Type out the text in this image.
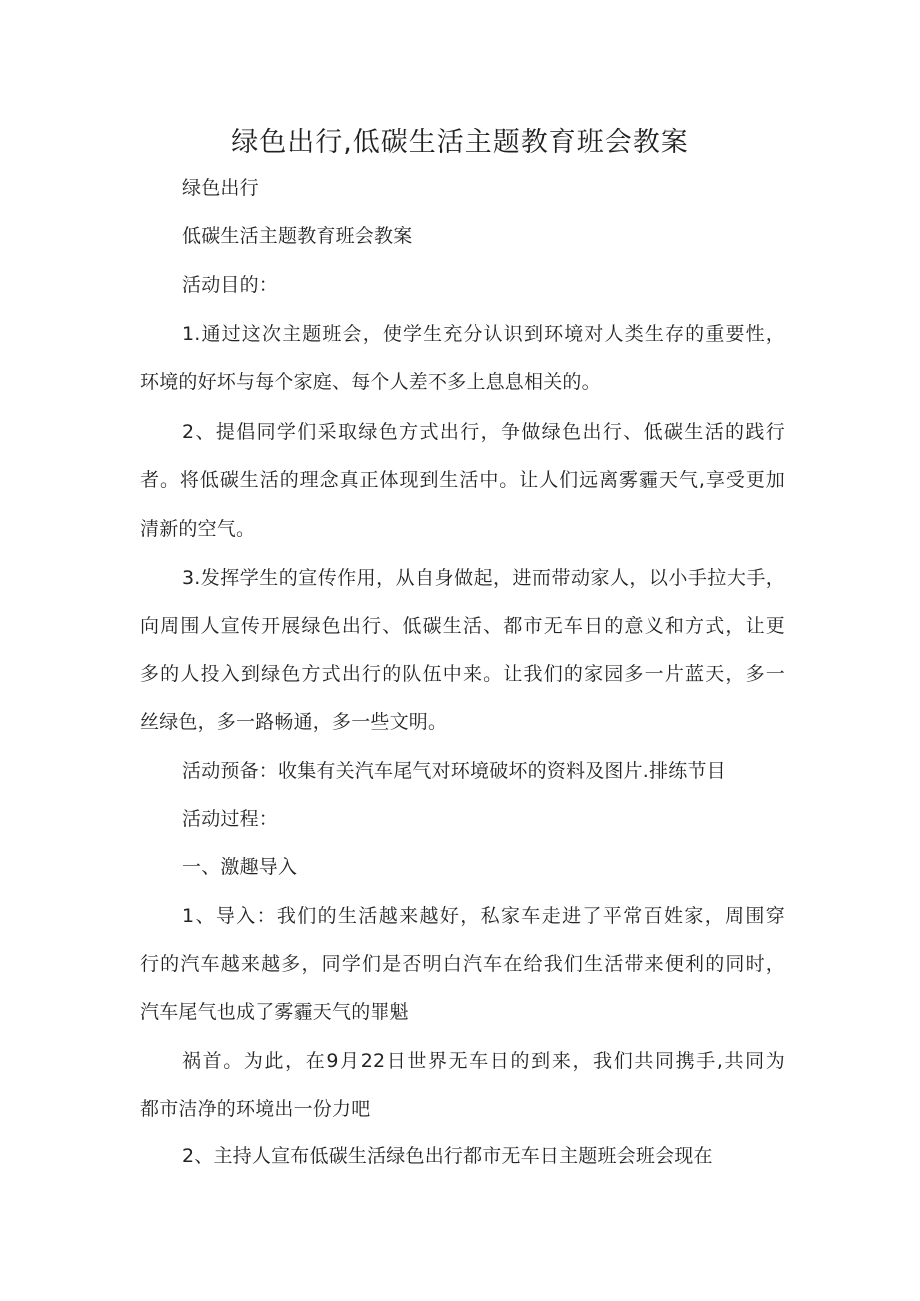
绿色出行,低碳生活主题教育班会教案
绿色出行
低碳生活主题教育班会教案
活动目的：
1.通过这次主题班会，使学生充分认识到环境对人类生存的重要性，
环境的好坏与每个家庭、每个人差不多上息息相关的。
2、提倡同学们采取绿色方式出行，争做绿色出行、低碳生活的践行
者。将低碳生活的理念真正体现到生活中。让人们远离雾霾天气,享受更加
清新的空气。
3.发挥学生的宣传作用，从自身做起，进而带动家人，以小手拉大手，
向周围人宣传开展绿色出行、低碳生活、都市无车日的意义和方式，让更
多的人投入到绿色方式出行的队伍中来。让我们的家园多一片蓝天，多一
丝绿色，多一路畅通，多一些文明。
活动预备：收集有关汽车尾气对环境破坏的资料及图片.排练节目
活动过程：
一、激趣导入
1、导入：我们的生活越来越好，私家车走进了平常百姓家，周围穿
行的汽车越来越多，同学们是否明白汽车在给我们生活带来便利的同时，
汽车尾气也成了雾霾天气的罪魁
祸首。为此，在9月22日世界无车日的到来，我们共同携手,共同为
都市洁净的环境出一份力吧
2、主持人宣布低碳生活绿色出行都市无车日主题班会班会现在
